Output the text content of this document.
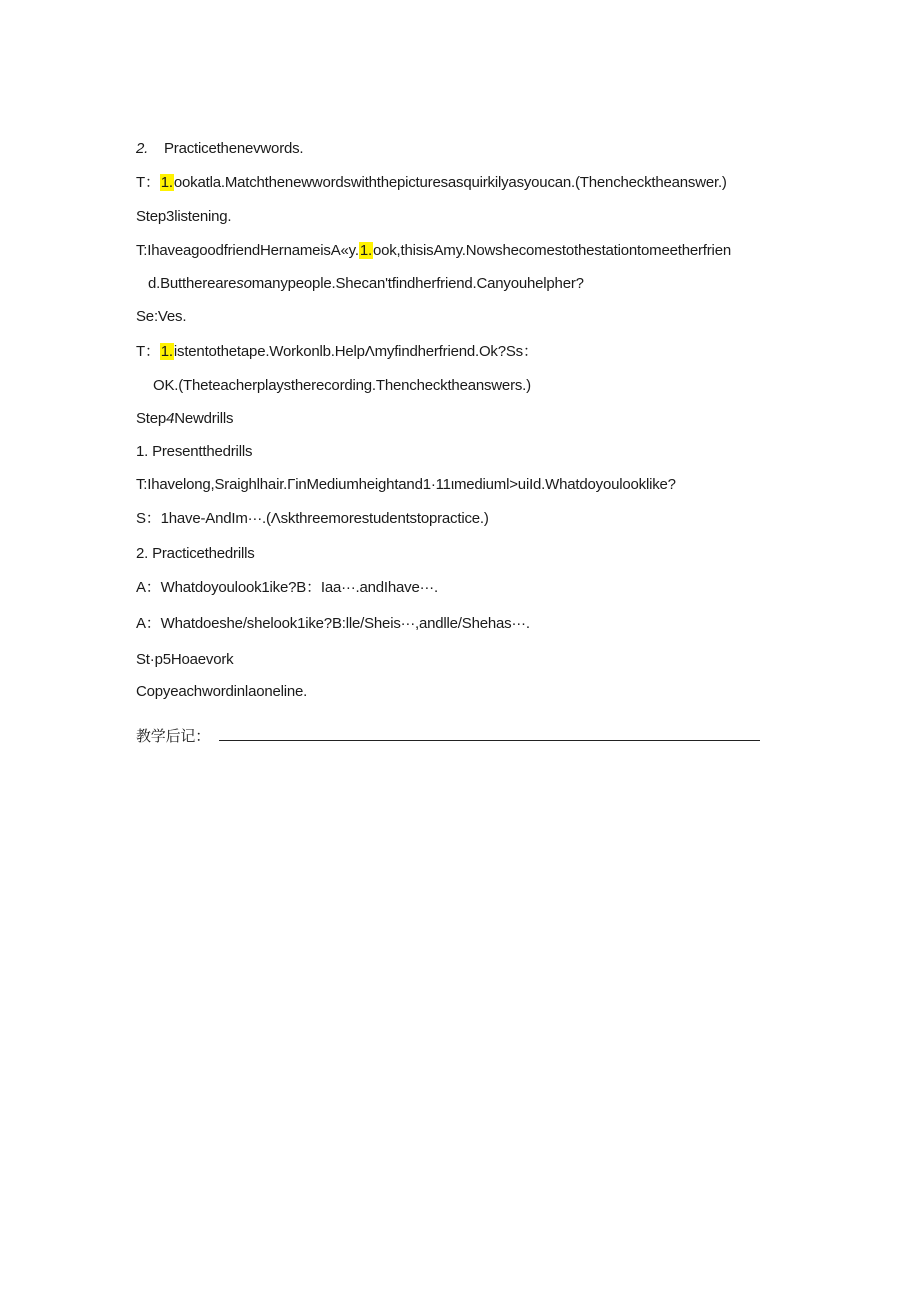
2. Practicethenevwords.
T：1.ookatla.Matchthenewwordswiththepicturesasquirkilyasyoucan.(Thenchecktheanswer.)
Step3listening.
T:IhaveagoodfriendHernameisA«y.1.ook,thisisAmy.Nowshecomestothestationtomeetherfrien
d.Buttherearesomanypeople.Shecan'tfindherfriend.Canyouhelpher?
Se:Ves.
T：1.istentothetape.Workonlb.HelpΛmyfindherfriend.Ok?Ss：
OK.(Theteacherplaystherecording.Thenchecktheanswers.)
Step4Newdrills
1. Presentthedrills
T:Ihavelong,Sraighlhair.ΓinMediumheightand1·11ιmediuml>uiId.Whatdoyoulooklike?
S：1have-AndΙm···.(Λskthreemorestudentstopractice.)
2. Practicethedrills
A：Whatdoyoulook1ike?B：Iaa···.andIhave···.
A：Whatdoeshe/shelook1ike?B:lle/Sheis···,andlle/Shehas···.
St·p5Hoaevork
Copyeachwordinlaoneline.
教学后记：
